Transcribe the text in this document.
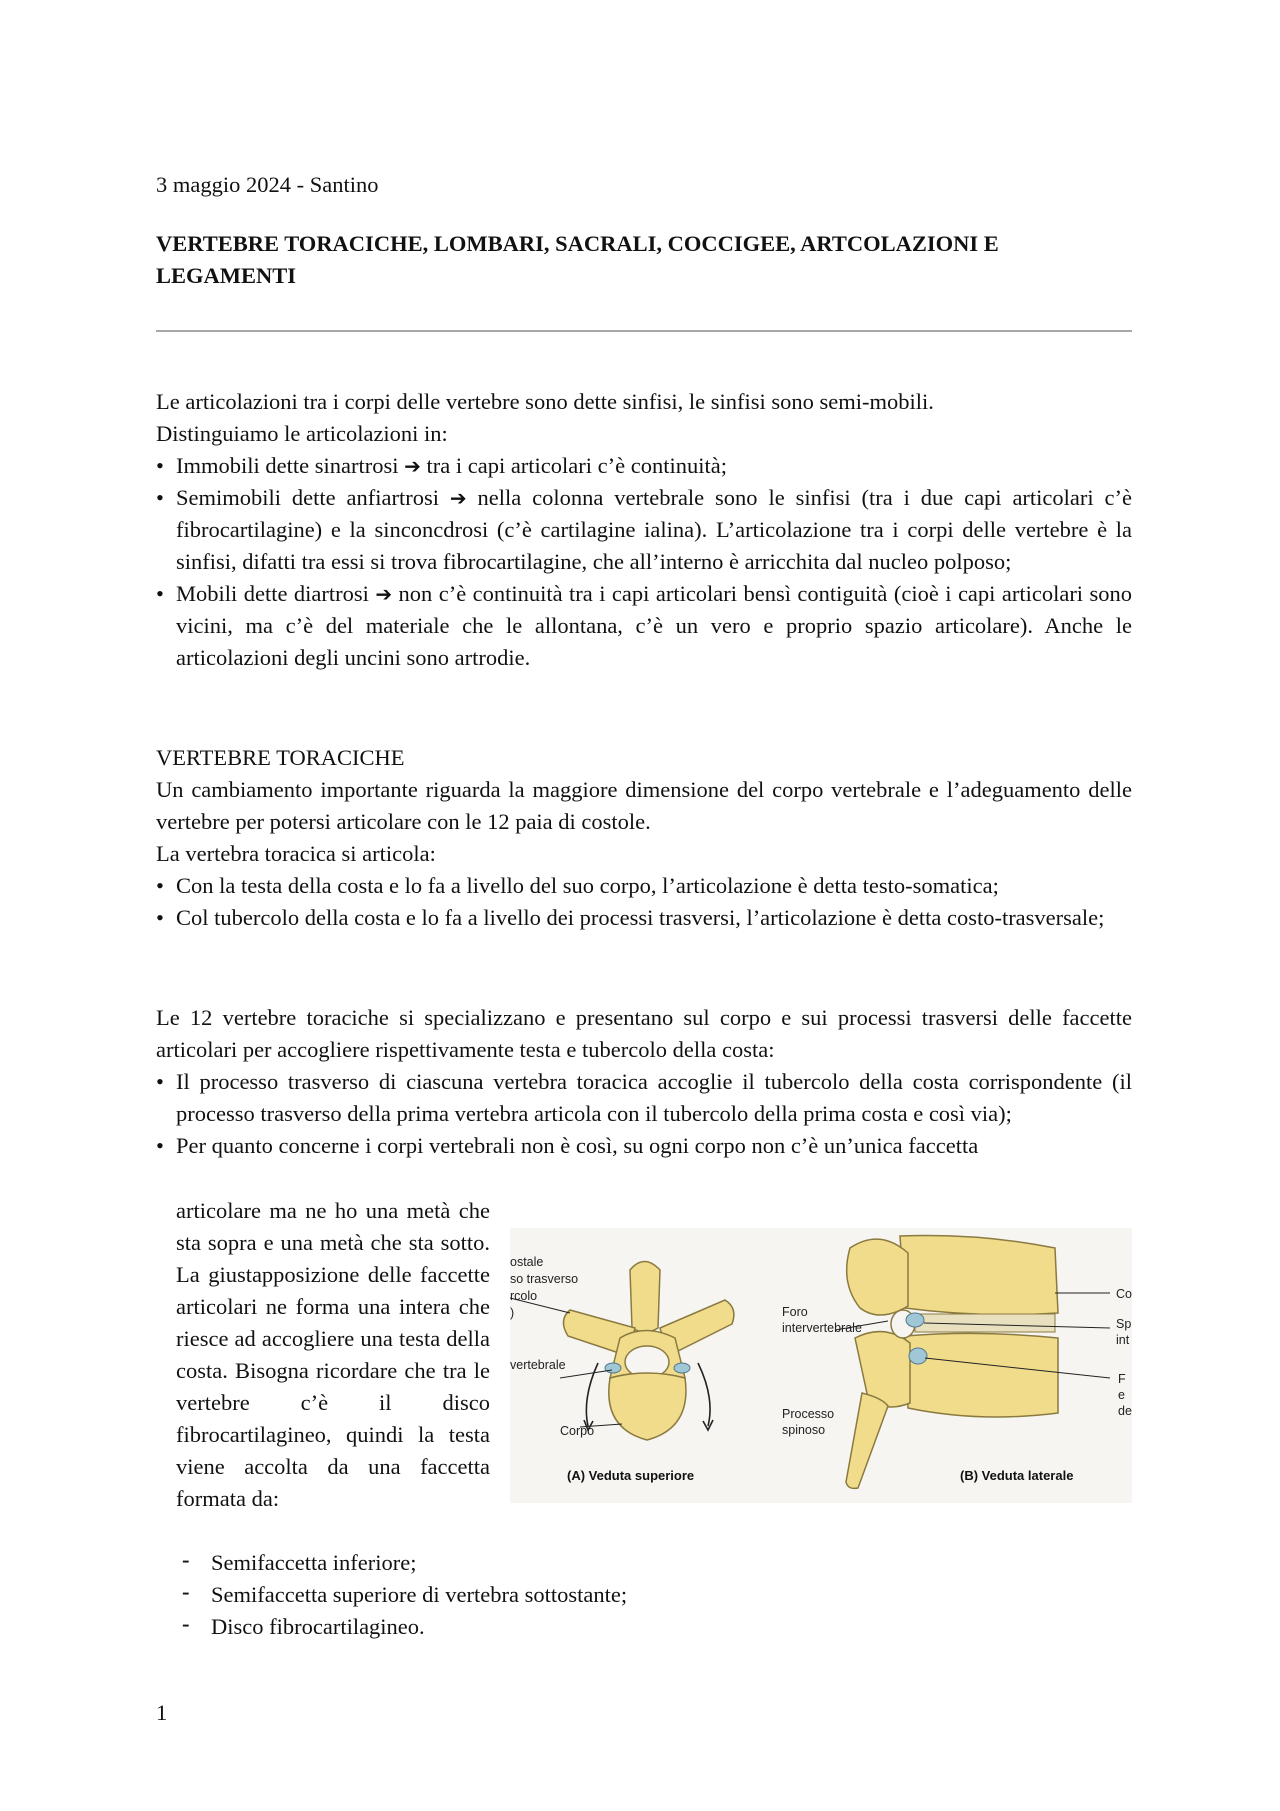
3 maggio 2024 - Santino
VERTEBRE TORACICHE, LOMBARI, SACRALI, COCCIGEE, ARTCOLAZIONI E LEGAMENTI

Le articolazioni tra i corpi delle vertebre sono dette sinfisi, le sinfisi sono semi-mobili.

Distinguiamo le articolazioni in:

• Immobili dette sinartrosi ➔ tra i capi articolari c’è continuità;
• Semimobili dette anfiartrosi ➔ nella colonna vertebrale sono le sinfisi (tra i due capi articolari c’è fibrocartilagine) e la sinconcdrosi (c’è cartilagine ialina). L’articolazione tra i corpi delle vertebre è la sinfisi, difatti tra essi si trova fibrocartilagine, che all’interno è arricchita dal nucleo polposo;
• Mobili dette diartrosi ➔ non c’è continuità tra i capi articolari bensì contiguità (cioè i capi articolari sono vicini, ma c’è del materiale che le allontana, c’è un vero e proprio spazio articolare). Anche le articolazioni degli uncini sono artrodie.

VERTEBRE TORACICHE

Un cambiamento importante riguarda la maggiore dimensione del corpo vertebrale e l’adeguamento delle vertebre per potersi articolare con le 12 paia di costole.

La vertebra toracica si articola:

• Con la testa della costa e lo fa a livello del suo corpo, l’articolazione è detta testo-somatica;
• Col tubercolo della costa e lo fa a livello dei processi trasversi, l’articolazione è detta costo-trasversale;

Le 12 vertebre toraciche si specializzano e presentano sul corpo e sui processi trasversi delle faccette articolari per accogliere rispettivamente testa e tubercolo della costa:

• Il processo trasverso di ciascuna vertebra toracica accoglie il tubercolo della costa corrispondente (il processo trasverso della prima vertebra articola con il tubercolo della prima costa e così via);
• Per quanto concerne i corpi vertebrali non è così, su ogni corpo non c’è un’unica faccetta
articolare ma ne ho una metà che sta sopra e una metà che sta sotto. La giustapposizione delle faccette articolari ne forma una intera che riesce ad accogliere una testa della costa. Bisogna ricordare che tra le vertebre c’è il disco fibrocartilagineo, quindi la testa viene accolta da una faccetta formata da:
- Semifaccetta inferiore;
- Semifaccetta superiore di vertebra sottostante;
- Disco fibrocartilagineo.
ostale
so trasverso
rcolo
)
vertebrale
Corpo
(A) Veduta superiore
Foro
intervertebrale
Processo
spinoso
Co
Sp
int
F
e
de
(B) Veduta laterale
1
